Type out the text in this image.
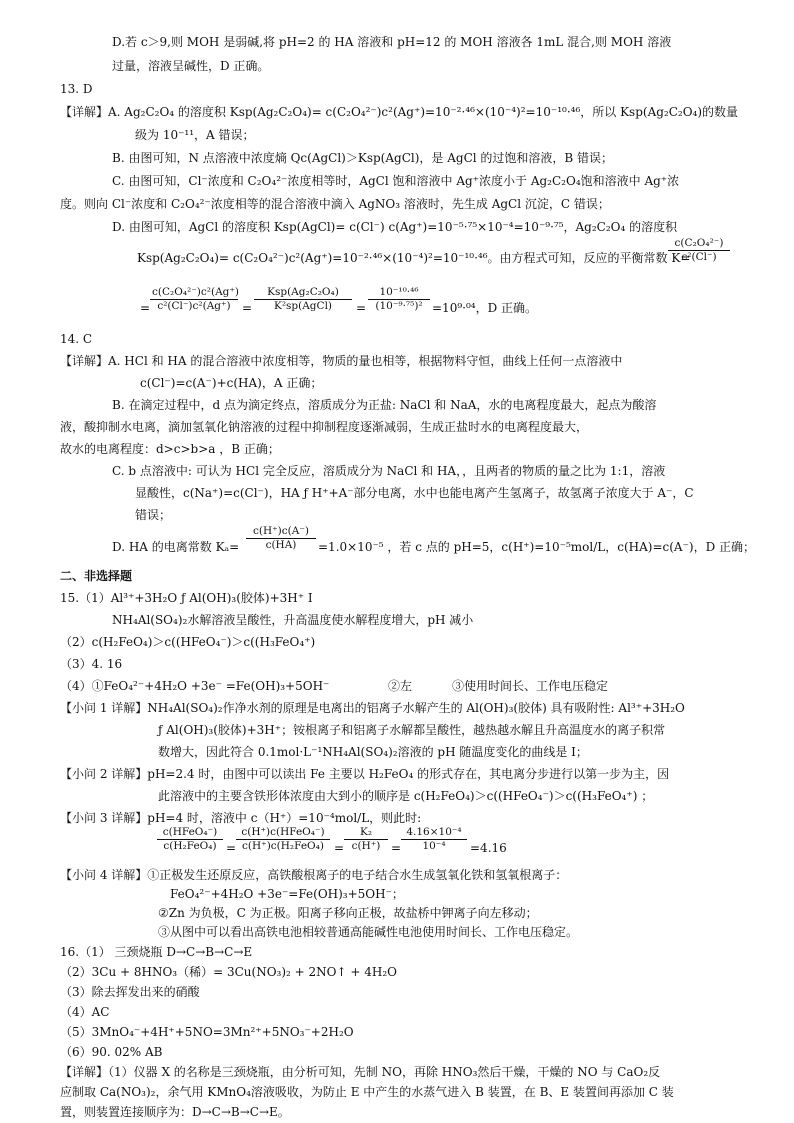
D.若 c＞9,则 MOH 是弱碱,将 pH=2 的 HA 溶液和 pH=12 的 MOH 溶液各 1mL 混合,则 MOH 溶液
过量，溶液呈碱性，D 正确。
13. D
【详解】A. Ag₂C₂O₄ 的溶度积 Ksp(Ag₂C₂O₄)= c(C₂O₄²⁻)c²(Ag⁺)=10⁻²·⁴⁶×(10⁻⁴)²=10⁻¹⁰·⁴⁶，所以 Ksp(Ag₂C₂O₄)的数量
级为 10⁻¹¹，A 错误；
B. 由图可知，N 点溶液中浓度熵 Qc(AgCl)＞Ksp(AgCl)，是 AgCl 的过饱和溶液，B 错误；
C. 由图可知，Cl⁻浓度和 C₂O₄²⁻浓度相等时，AgCl 饱和溶液中 Ag⁺浓度小于 Ag₂C₂O₄饱和溶液中 Ag⁺浓
度。则向 Cl⁻浓度和 C₂O₄²⁻浓度相等的混合溶液中滴入 AgNO₃ 溶液时，先生成 AgCl 沉淀，C 错误；
D. 由图可知，AgCl 的溶度积 Ksp(AgCl)= c(Cl⁻) c(Ag⁺)=10⁻⁵·⁷⁵×10⁻⁴=10⁻⁹·⁷⁵，Ag₂C₂O₄ 的溶度积
Ksp(Ag₂C₂O₄)= c(C₂O₄²⁻)c²(Ag⁺)=10⁻²·⁴⁶×(10⁻⁴)²=10⁻¹⁰·⁴⁶。由方程式可知，反应的平衡常数 K=
$\frac{\text{c(C₂O₄²⁻)}}{\text{c²(Cl⁻)}}$
= $\frac{\text{c(C₂O₄²⁻)c²(Ag⁺)}}{\text{c²(Cl⁻)c²(Ag⁺)}}$ =
Ksp(Ag₂C₂O₄)
K²sp(AgCl)	= $\frac{\text{10⁻¹⁰·⁴⁶}}{\text{(10⁻⁹·⁷⁵)²}} =10^9\cdot^{04}$，D 正确。
14. C
【详解】A. HCl 和 HA 的混合溶液中浓度相等，物质的量也相等，根据物料守恒，曲线上任何一点溶液中
c(Cl⁻)=c(A⁻)+c(HA)，A 正确；
B. 在滴定过程中，d 点为滴定终点，溶质成分为正盐: NaCl 和 NaA，水的电离程度最大，起点为酸溶
液，酸抑制水电离，滴加氢氧化钠溶液的过程中抑制程度逐渐减弱，生成正盐时水的电离程度最大，
故水的电离程度：d>c>b>a ，B 正确；
C. b 点溶液中: 可认为 HCl 完全反应，溶质成分为 NaCl 和 HA，，且两者的物质的量之比为 1:1，溶液
显酸性，c(Na⁺)=c(Cl⁻)，HA ƒ H⁺+A⁻部分电离，水中也能电离产生氢离子，故氢离子浓度大于 A⁻，C
错误；
D. HA 的电离常数 $K_a= \frac{c(H^+)c(A^-)}{c(HA)} =1.0\times 10^{-5}$ ，若 c 点的 pH=5，c(H⁺)=10⁻⁵mol/L，c(HA)=c(A⁻)，D 正确；
二、非选择题
15.（1）Al³⁺+3H₂O ƒ Al(OH)₃(胶体)+3H⁺ I
NH₄Al(SO₄)₂水解溶液呈酸性，升高温度使水解程度增大，pH 减小
（2）c(H₂FeO₄)＞c((HFeO₄⁻)＞c((H₃FeO₄⁺)
（3）4. 16
（4）①FeO₄²⁻+4H₂O +3e⁻ =Fe(OH)₃+5OH⁻	②左	③使用时间长、工作电压稳定
【小问 1 详解】NH₄Al(SO₄)₂作净水剂的原理是电离出的铝离子水解产生的 Al(OH)₃(胶体) 具有吸附性: Al³⁺+3H₂O
ƒ Al(OH)₃(胶体)+3H⁺；铵根离子和铝离子水解都呈酸性，越热越水解且升高温度水的离子积常
数增大，因此符合 0.1mol·L⁻¹NH₄Al(SO₄)₂溶液的 pH 随温度变化的曲线是 I；
【小问 2 详解】pH=2.4 时，由图中可以读出 Fe 主要以 H₂FeO₄ 的形式存在，其电离分步进行以第一步为主，因
此溶液中的主要含铁形体浓度由大到小的顺序是 c(H₂FeO₄)＞c((HFeO₄⁻)＞c((H₃FeO₄⁺) ；
【小问 3 详解】pH=4 时，溶液中 c（H⁺）=10⁻⁴mol/L，则此时:
c(HFeO₄⁻)
c(H₂FeO₄) =
c(H⁺)c(HFeO₄⁻)
$c(H^+)c(H_2FeO_4) = \frac{\text{K₂}}{c(H^+)} = \frac{\text{4.16×10⁻⁴}}{\text{10⁻⁴}} =4.16$
【小问 4 详解】①正极发生还原反应，高铁酸根离子的电子结合水生成氢氧化铁和氢氧根离子：
FeO₄²⁻+4H₂O +3e⁻=Fe(OH)₃+5OH⁻；
②Zn 为负极，C 为正极。阳离子移向正极，故盐桥中钾离子向左移动；
③从图中可以看出高铁电池相较普通高能碱性电池使用时间长、工作电压稳定。
16.（1） 三颈烧瓶 D→C→B→C→E
（2）3Cu + 8HNO₃（稀）= 3Cu(NO₃)₂ + 2NO↑ + 4H₂O
（3）除去挥发出来的硝酸
（4）AC
（5）3MnO₄⁻+4H⁺+5NO=3Mn²⁺+5NO₃⁻+2H₂O
（6）90. 02% AB
【详解】（1）仪器 X 的名称是三颈烧瓶，由分析可知，先制 NO，再除 HNO₃然后干燥，干燥的 NO 与 CaO₂反
应制取 Ca(NO₃)₂，余气用 KMnO₄溶液吸收，为防止 E 中产生的水蒸气进入 B 装置，在 B、E 装置间再添加 C 装
置，则装置连接顺序为：D→C→B→C→E。
